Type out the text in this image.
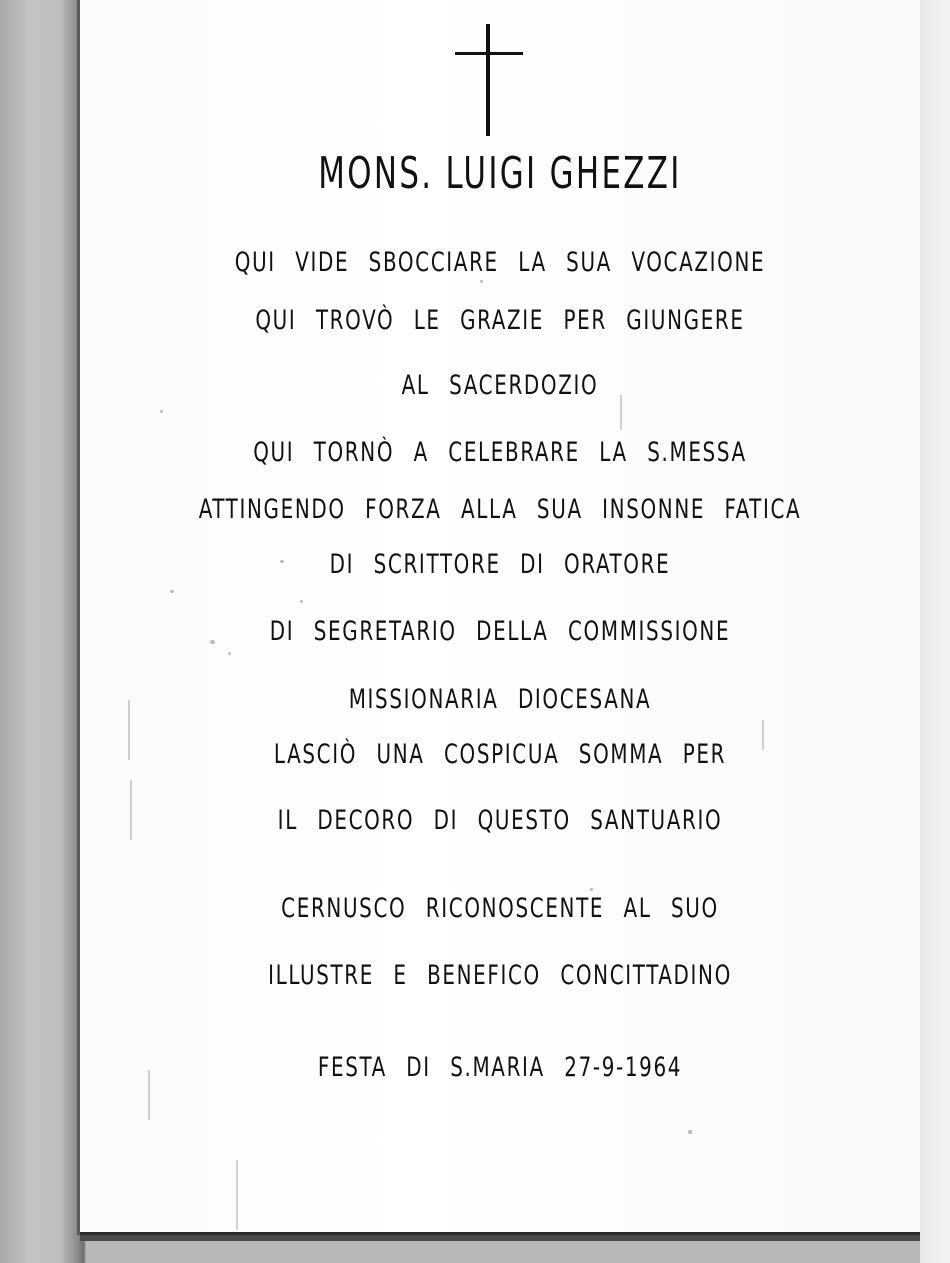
MONS. LUIGI GHEZZI
QUI VIDE SBOCCIARE LA SUA VOCAZIONE
QUI TROVÒ LE GRAZIE PER GIUNGERE
AL SACERDOZIO
QUI TORNÒ A CELEBRARE LA S.MESSA
ATTINGENDO FORZA ALLA SUA INSONNE FATICA
DI SCRITTORE DI ORATORE
DI SEGRETARIO DELLA COMMISSIONE
MISSIONARIA DIOCESANA
LASCIÒ UNA COSPICUA SOMMA PER
IL DECORO DI QUESTO SANTUARIO
CERNUSCO RICONOSCENTE AL SUO
ILLUSTRE E BENEFICO CONCITTADINO
FESTA DI S.MARIA 27-9-1964
